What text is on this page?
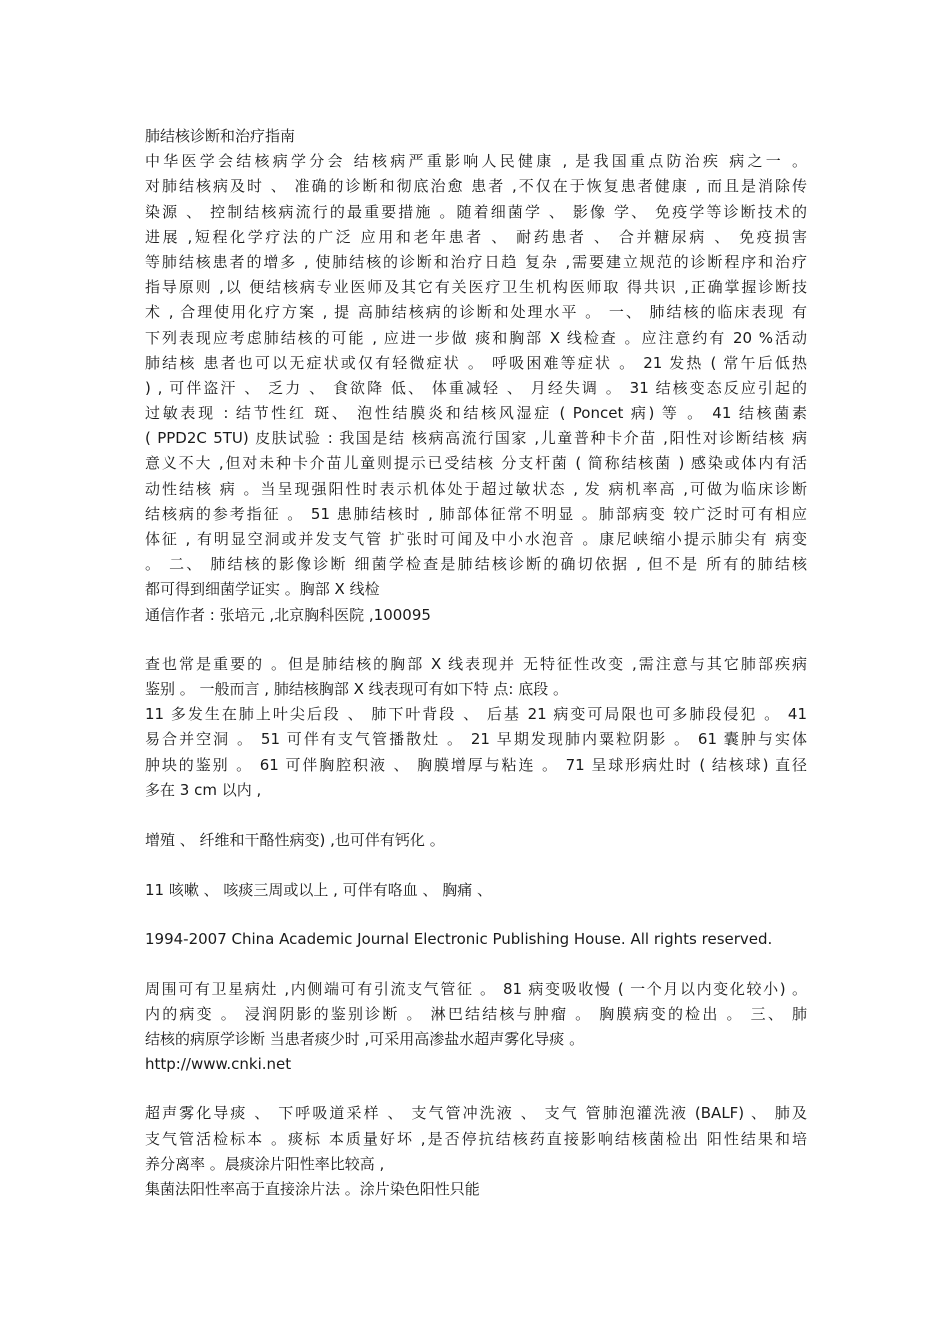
肺结核诊断和治疗指南
中华医学会结核病学分会 结核病严重影响人民健康 , 是我国重点防治疾 病之一 。
对肺结核病及时 、 准确的诊断和彻底治愈 患者 ,不仅在于恢复患者健康 , 而且是消除传
染源 、 控制结核病流行的最重要措施 。随着细菌学 、 影像 学、 免疫学等诊断技术的
进展 ,短程化学疗法的广泛 应用和老年患者 、 耐药患者 、 合并糖尿病 、 免疫损害
等肺结核患者的增多 , 使肺结核的诊断和治疗日趋 复杂 ,需要建立规范的诊断程序和治疗
指导原则 ,以 便结核病专业医师及其它有关医疗卫生机构医师取 得共识 ,正确掌握诊断技
术 , 合理使用化疗方案 , 提 高肺结核病的诊断和处理水平 。 一、 肺结核的临床表现 有
下列表现应考虑肺结核的可能 , 应进一步做 痰和胸部 X 线检查 。应注意约有 20 %活动
肺结核 患者也可以无症状或仅有轻微症状 。 呼吸困难等症状 。 21 发热 ( 常午后低热
) , 可伴盗汗 、 乏力 、 食欲降 低、 体重减轻 、 月经失调 。 31 结核变态反应引起的
过敏表现 : 结节性红 斑、 泡性结膜炎和结核风湿症 ( Poncet 病) 等 。 41 结核菌素
( PPD2C 5TU) 皮肤试验 : 我国是结 核病高流行国家 ,儿童普种卡介苗 ,阳性对诊断结核 病
意义不大 ,但对未种卡介苗儿童则提示已受结核 分支杆菌 ( 简称结核菌 ) 感染或体内有活
动性结核 病 。当呈现强阳性时表示机体处于超过敏状态 , 发 病机率高 ,可做为临床诊断
结核病的参考指征 。 51 患肺结核时 , 肺部体征常不明显 。肺部病变 较广泛时可有相应
体征 , 有明显空洞或并发支气管 扩张时可闻及中小水泡音 。康尼峡缩小提示肺尖有 病变
。 二、 肺结核的影像诊断 细菌学检查是肺结核诊断的确切依据 , 但不是 所有的肺结核
都可得到细菌学证实 。胸部 X 线检
通信作者 : 张培元 ,北京胸科医院 ,100095
查也常是重要的 。但是肺结核的胸部 X 线表现并 无特征性改变 ,需注意与其它肺部疾病
鉴别 。 一般而言 , 肺结核胸部 X 线表现可有如下特 点: 底段 。
11 多发生在肺上叶尖后段 、 肺下叶背段 、 后基 21 病变可局限也可多肺段侵犯 。 41
易合并空洞 。 51 可伴有支气管播散灶 。 21 早期发现肺内粟粒阴影 。 61 囊肿与实体
肿块的鉴别 。 61 可伴胸腔积液 、 胸膜增厚与粘连 。 71 呈球形病灶时 ( 结核球) 直径
多在 3 cm 以内 ,
增殖 、 纤维和干酪性病变) ,也可伴有钙化 。
11 咳嗽 、 咳痰三周或以上 , 可伴有咯血 、 胸痛 、
1994-2007 China Academic Journal Electronic Publishing House. All rights reserved.
周围可有卫星病灶 ,内侧端可有引流支气管征 。 81 病变吸收慢 ( 一个月以内变化较小) 。
内的病变 。 浸润阴影的鉴别诊断 。 淋巴结结核与肿瘤 。 胸膜病变的检出 。 三、 肺
结核的病原学诊断 当患者痰少时 ,可采用高渗盐水超声雾化导痰 。
http://www.cnki.net
超声雾化导痰 、 下呼吸道采样 、 支气管冲洗液 、 支气 管肺泡灌洗液 (BALF) 、 肺及
支气管活检标本 。痰标 本质量好坏 ,是否停抗结核药直接影响结核菌检出 阳性结果和培
养分离率 。晨痰涂片阳性率比较高 ,
集菌法阳性率高于直接涂片法 。涂片染色阳性只能
